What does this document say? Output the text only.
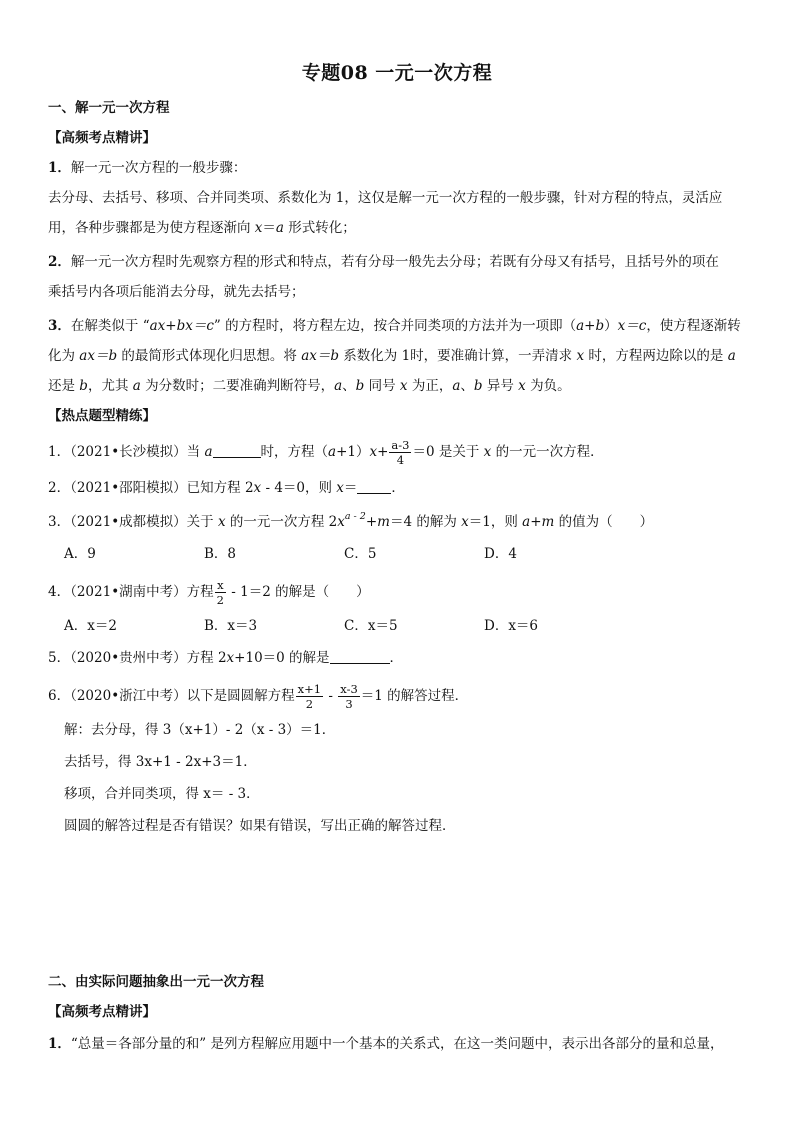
专题08 一元一次方程
一、解一元一次方程
【高频考点精讲】
1．解一元一次方程的一般步骤：
去分母、去括号、移项、合并同类项、系数化为 1，这仅是解一元一次方程的一般步骤，针对方程的特点，灵活应
用，各种步骤都是为使方程逐渐向 x＝a 形式转化；
2．解一元一次方程时先观察方程的形式和特点，若有分母一般先去分母；若既有分母又有括号，且括号外的项在
乘括号内各项后能消去分母，就先去括号；
3．在解类似于 “ax+bx＝c” 的方程时，将方程左边，按合并同类项的方法并为一项即（a+b）x＝c，使方程逐渐转
化为 ax＝b 的最简形式体现化归思想。将 ax＝b 系数化为 1时，要准确计算，一弄清求 x 时，方程两边除以的是 a
还是 b，尤其 a 为分数时；二要准确判断符号，a、b 同号 x 为正，a、b 异号 x 为负。
【热点题型精练】
1．（2021•长沙模拟）当 a	时，方程$(a+1)x+ \frac{a-3}{4} =0$ 是关于 x 的一元一次方程．
2．（2021•邵阳模拟）已知方程 2x - 4＝0，则 x＝	．
3．（2021•成都模拟）关于 x 的一元一次方程 $2x^{a - 2}+m=4$ 的解为 x＝1，则 a+m 的值为（　　）
A．9	B．8	C．5	D．4
4．（2021•湖南中考）方程 $\frac{x}{2} - 1=2$ 的解是（　　）
A．x＝2	B．x＝3	C．x＝5	D．x＝6
5．（2020•贵州中考）方程 2x+10＝0 的解是	．
6．（2020•浙江中考）以下是圆圆解方程 $\frac{x+1}{2} - \frac{x-3}{3} =1$ 的解答过程．
解：去分母，得 3（x+1）- 2（x - 3）＝1．
去括号，得 3x+1 - 2x+3＝1．
移项，合并同类项，得 x＝ - 3．
圆圆的解答过程是否有错误？如果有错误，写出正确的解答过程．
二、由实际问题抽象出一元一次方程
【高频考点精讲】
1．“总量＝各部分量的和” 是列方程解应用题中一个基本的关系式，在这一类问题中，表示出各部分的量和总量，
